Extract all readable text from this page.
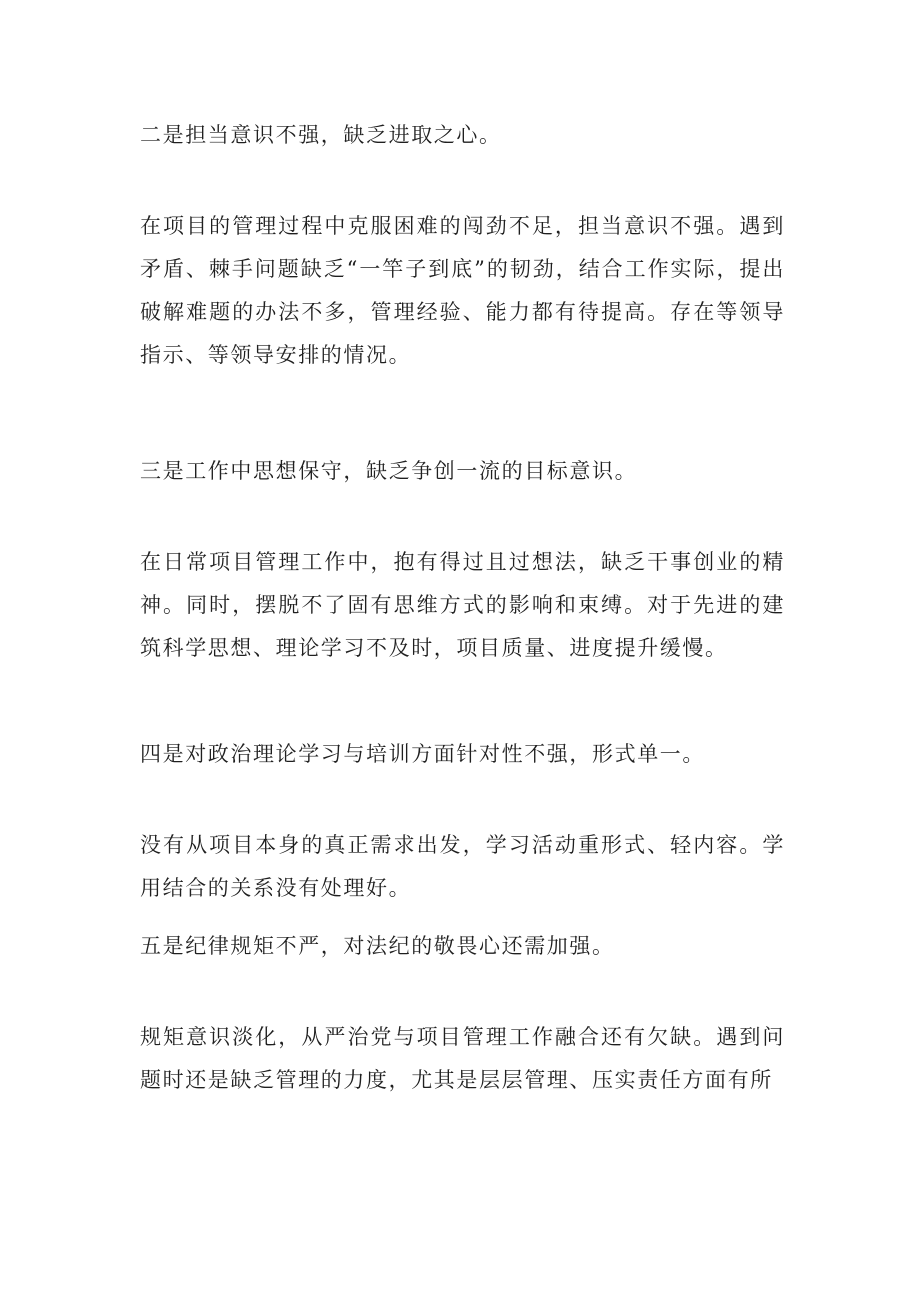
二是担当意识不强，缺乏进取之心。

在项目的管理过程中克服困难的闯劲不足，担当意识不强。遇到矛盾、棘手问题缺乏“一竿子到底”的韧劲，结合工作实际，提出破解难题的办法不多，管理经验、能力都有待提高。存在等领导指示、等领导安排的情况。

三是工作中思想保守，缺乏争创一流的目标意识。

在日常项目管理工作中，抱有得过且过想法，缺乏干事创业的精神。同时，摆脱不了固有思维方式的影响和束缚。对于先进的建筑科学思想、理论学习不及时，项目质量、进度提升缓慢。

四是对政治理论学习与培训方面针对性不强，形式单一。

没有从项目本身的真正需求出发，学习活动重形式、轻内容。学用结合的关系没有处理好。

五是纪律规矩不严，对法纪的敬畏心还需加强。

规矩意识淡化，从严治党与项目管理工作融合还有欠缺。遇到问题时还是缺乏管理的力度，尤其是层层管理、压实责任方面有所
